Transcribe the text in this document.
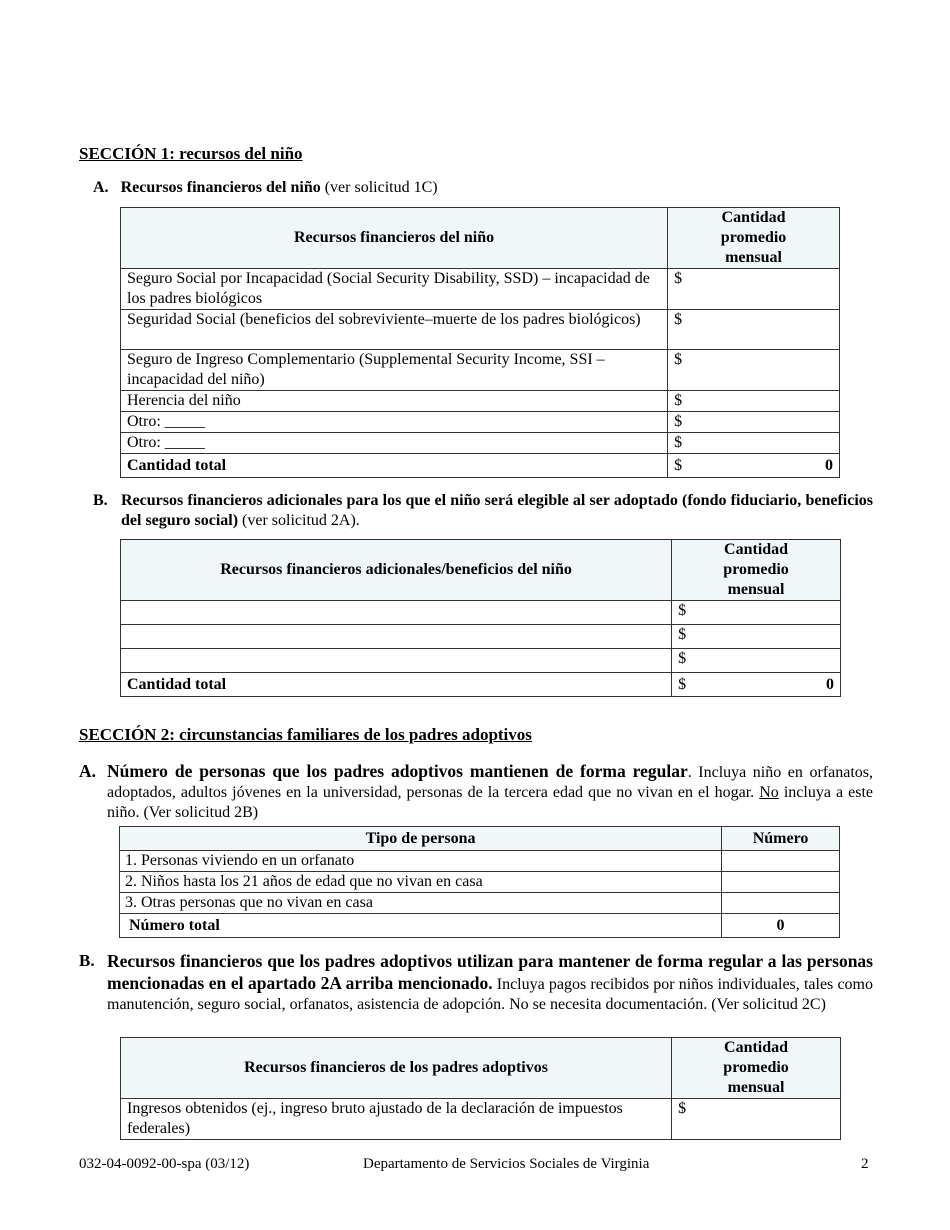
SECCIÓN 1: recursos del niño
A. Recursos financieros del niño (ver solicitud 1C)
Recursos financieros del niño	Cantidad promedio mensual
Seguro Social por Incapacidad (Social Security Disability, SSD) – incapacidad de los padres biológicos	$
Seguridad Social (beneficios del sobreviviente–muerte de los padres biológicos)	$
Seguro de Ingreso Complementario (Supplemental Security Income, SSI – incapacidad del niño)	$
Herencia del niño	$
Otro: _____	$
Otro: _____	$
Cantidad total	$ 0
B. Recursos financieros adicionales para los que el niño será elegible al ser adoptado (fondo fiduciario, beneficios del seguro social) (ver solicitud 2A).
Recursos financieros adicionales/beneficios del niño	Cantidad promedio mensual
	$
	$
	$
Cantidad total	$ 0
SECCIÓN 2: circunstancias familiares de los padres adoptivos
A. Número de personas que los padres adoptivos mantienen de forma regular. Incluya niño en orfanatos, adoptados, adultos jóvenes en la universidad, personas de la tercera edad que no vivan en el hogar. No incluya a este niño. (Ver solicitud 2B)
Tipo de persona	Número
1. Personas viviendo en un orfanato	
2. Niños hasta los 21 años de edad que no vivan en casa	
3. Otras personas que no vivan en casa	
Número total	0
B. Recursos financieros que los padres adoptivos utilizan para mantener de forma regular a las personas mencionadas en el apartado 2A arriba mencionado. Incluya pagos recibidos por niños individuales, tales como manutención, seguro social, orfanatos, asistencia de adopción. No se necesita documentación. (Ver solicitud 2C)
Recursos financieros de los padres adoptivos	Cantidad promedio mensual
Ingresos obtenidos (ej., ingreso bruto ajustado de la declaración de impuestos federales)	$
032-04-0092-00-spa (03/12)	Departamento de Servicios Sociales de Virginia	2
